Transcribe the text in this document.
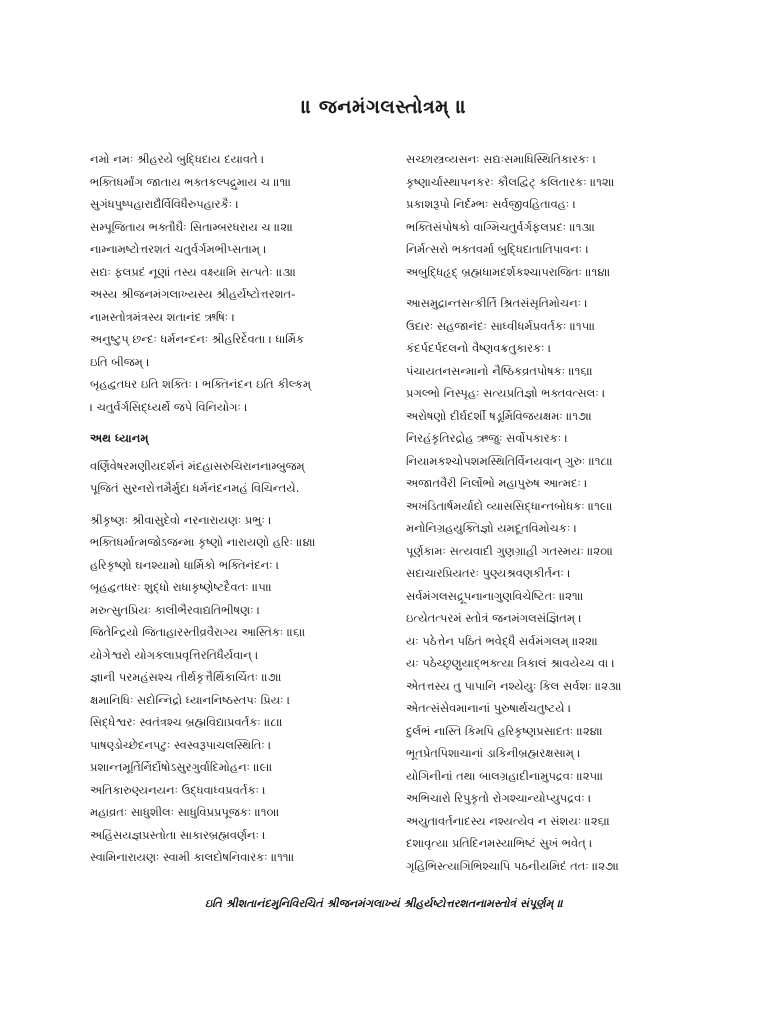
॥ જનમંગલસ્તોત્રમ્ ॥
નમો નમઃ શ્રીહરયે બુદ્ધિદાય દયાવતે ।
ભક્તિધર્માંગ જાતાય ભક્તકલ્પદ્રુમાય ચ ॥૧॥
સુગંધપુષ્પહારાદ્યૈર્વિવિધૈરુપહારકૈઃ ।
સમ્પૂજિતાય ભક્તૌઘૈઃ સિતામ્બરધરાય ચ ॥૨॥
નામ્નામષ્ટોત્તરશતં ચતુર્વર્ગમભીપ્સતામ્ ।
સદ્યઃ ફલપ્રદં નૂણાં તસ્ય વક્ષ્યામિ સત્પતેઃ ॥૩॥
અસ્ય શ્રીજનમંગલાખ્યસ્ય શ્રીહર્યષ્ટોત્તરશત-
નામસ્તોત્રમંત્રસ્ય શતાનંદ ઋષિઃ ।
અનુષ્ટુપ્ છન્દઃ ધર્મનન્દનઃ શ્રીહરિર્દેવતા । ધાર્મિક
ઇતિ બીજમ્ ।
બૃહદ્વ્રતધર ઇતિ શક્તિઃ । ભક્તિનંદન ઇતિ કીલ્કમ્
। ચતુર્વર્ગસિદ્ધ્યર્થે જપે વિનિયોગઃ ।
અથ ધ્યાનમ્
વર્ણિવેષરમણીયદર્શનં મંદહાસરુચિરાનનામ્બુજમ્
પૂજિતં સુરનરોત્તમૈર્મુદા ધર્મનંદનમહં વિચિન્તયે.
શ્રીકૃષ્ણઃ શ્રીવાસુદેવો નરનારાયણઃ પ્રભુઃ ।
ભક્તિધર્માત્મજોઽજન્મા કૃષ્ણો નારાયણો હરિઃ ॥૪॥
હરિકૃષ્ણો ઘનશ્યામો ધાર્મિકો ભક્તિનંદનઃ ।
બૃહદ્વ્રતધરઃ શુદ્ધો રાધાકૃષ્ણેષ્ટદૈવતઃ ॥૫॥
મરુત્સુતપ્રિયઃ કાલીભૈરવાદ્યતિભીષણઃ ।
જિતેન્દ્રિયો જિતાહારસ્તીવ્રવૈરાગ્ય આસ્તિકઃ ॥૬॥
યોગેશ્વરો યોગકલાપ્રવૃત્તિરતિધૈર્યવાન્ ।
જ્ઞાની પરમહંસશ્ચ તીર્થકૃત્તૈર્થિકાર્ચિતઃ ॥૭॥
ક્ષમાનિધિઃ સદોન્નિદ્રો ધ્યાનનિષ્ઠસ્તપઃ પ્રિયઃ ।
સિદ્ધેશ્વરઃ સ્વતંત્રશ્ચ બ્રહ્મવિદ્યાપ્રવર્તકઃ ॥૮॥
પાષણ્ડોચ્છેદનપટુઃ સ્વસ્વરૂપાચલસ્થિતિઃ ।
પ્રશાન્તમૂર્તિર્નિર્દોષોઽસુરગુર્વાદિમોહનઃ ॥૯॥
અતિકારુણ્યનયનઃ ઉદ્ધવાધ્વપ્રવર્તકઃ ।
મહાવ્રતઃ સાધુશીલઃ સાધુવિપ્રપ્રપૂજકઃ ॥૧૦॥
અહિંસયજ્ઞપ્રસ્તોતા સાકારબ્રહ્મવર્ણનઃ ।
સ્વામિનારાયણઃ સ્વામી કાલદોષનિવારકઃ ॥૧૧॥
સચ્છાસ્ત્રવ્યસનઃ સદ્યઃસમાધિસ્થિતિકારકઃ ।
કૃષ્ણાર્ચાસ્થાપનકરઃ કૌલદ્વિટ્ કલિતારકઃ ॥૧૨॥
પ્રકાશરૂપો નિર્દમ્ભઃ સર્વજીવહિતાવહઃ ।
ભક્તિસંપોષકો વાગ્મિચતુર્વર્ગફલપ્રદઃ ॥૧૩॥
નિર્મત્સરો ભક્તવર્મા બુદ્ધિદાતાતિપાવનઃ ।
અબુદ્ધિહૃદ્ બ્રહ્મધામદર્શકશ્ચાપરાજિતઃ ॥૧૪॥
આસમુદ્રાન્તસત્કીર્તિ શ્રિતસંસૃતિમોચનઃ ।
ઉદારઃ સહજાનંદઃ સાધ્વીધર્મપ્રવર્તકઃ ॥૧૫॥
કંદર્પદર્પદલનો વૈષ્ણવક્રતુકારકઃ ।
પંચાયતનસન્માનો નૈષ્ઠિકવ્રતપોષકઃ ॥૧૬॥
પ્રગલ્ભો નિસ્પૃહઃ સત્યપ્રતિજ્ઞો ભક્તવત્સલઃ ।
અરોષણો દીર્ઘદર્શી ષડૂર્મિવિજયક્ષમઃ ॥૧૭॥
નિરહંકૃતિરદ્રોહ ઋજુઃ સર્વોપકારકઃ ।
નિયામકશ્ચોપશમસ્થિતિર્વિનયવાન્ ગુરુઃ ॥૧૮॥
અજાતવૈરી નિર્લોભો મહાપુરુષ આત્મદઃ ।
અખંડિતાર્ષમર્યાદો વ્યાસસિદ્ધાન્તબોધકઃ ॥૧૯॥
મનોનિગ્રહયુક્તિજ્ઞો યમદૂતવિમોચકઃ ।
પૂર્ણકામઃ સત્યવાદી ગુણગ્રાહી ગતસ્મયઃ ॥૨૦॥
સદાચારપ્રિયતરઃ પુણ્યશ્રવણકીર્તનઃ ।
સર્વમંગલસદ્રૂપનાનાગુણવિચેષ્ટિતઃ ॥૨૧॥
ઇત્યેતત્પરમં સ્તોત્રં જનમંગલસંજ્ઞિતમ્ ।
યઃ પઠેત્તેન પઠિતં ભવેદ્ધૈ સર્વમંગલમ્ ॥૨૨॥
યઃ પઠેચ્છૃણુયાદ્ભક્ત્યા ત્રિકાલં શ્રાવયેચ્ચ વા ।
એતત્તસ્ય તુ પાપાનિ નશ્યેયુઃ કિલ સર્વશઃ ॥૨૩॥
એતત્સંસેવમાનાનાં પુરુષાર્થચતુષ્ટયે ।
દુર્લભં નાસ્તિ કિમપિ હરિકૃષ્ણપ્રસાદતઃ ॥૨૪॥
ભૂતપ્રેતપિશાચાનાં ડાકિનીબ્રહ્મરક્ષસામ્ ।
યોગિનીનાં તથા બાલગ્રહાદીનામુપદ્રવઃ ॥૨૫॥
અભિચારો રિપુકૃતો રોગશ્ચાન્યોપ્યુપદ્રવઃ ।
અયુતાવર્તનાદસ્ય નશ્યત્યેવ ન સંશયઃ ॥૨૬॥
દશાવૃત્યા પ્રતિદિનમસ્યાભિષ્ટં સુખં ભવેત્ ।
ગૃહિભિસ્ત્યાગિભિશ્ચાપિ પઠનીયમિદં તતઃ ॥૨૭॥
ઇતિ શ્રીશતાનંદમુનિવિરચિતં શ્રીજનમંગલાખ્યં શ્રીહર્યષ્ટોત્તરશતનામસ્તોત્રં સંપૂર્ણમ્ ॥
